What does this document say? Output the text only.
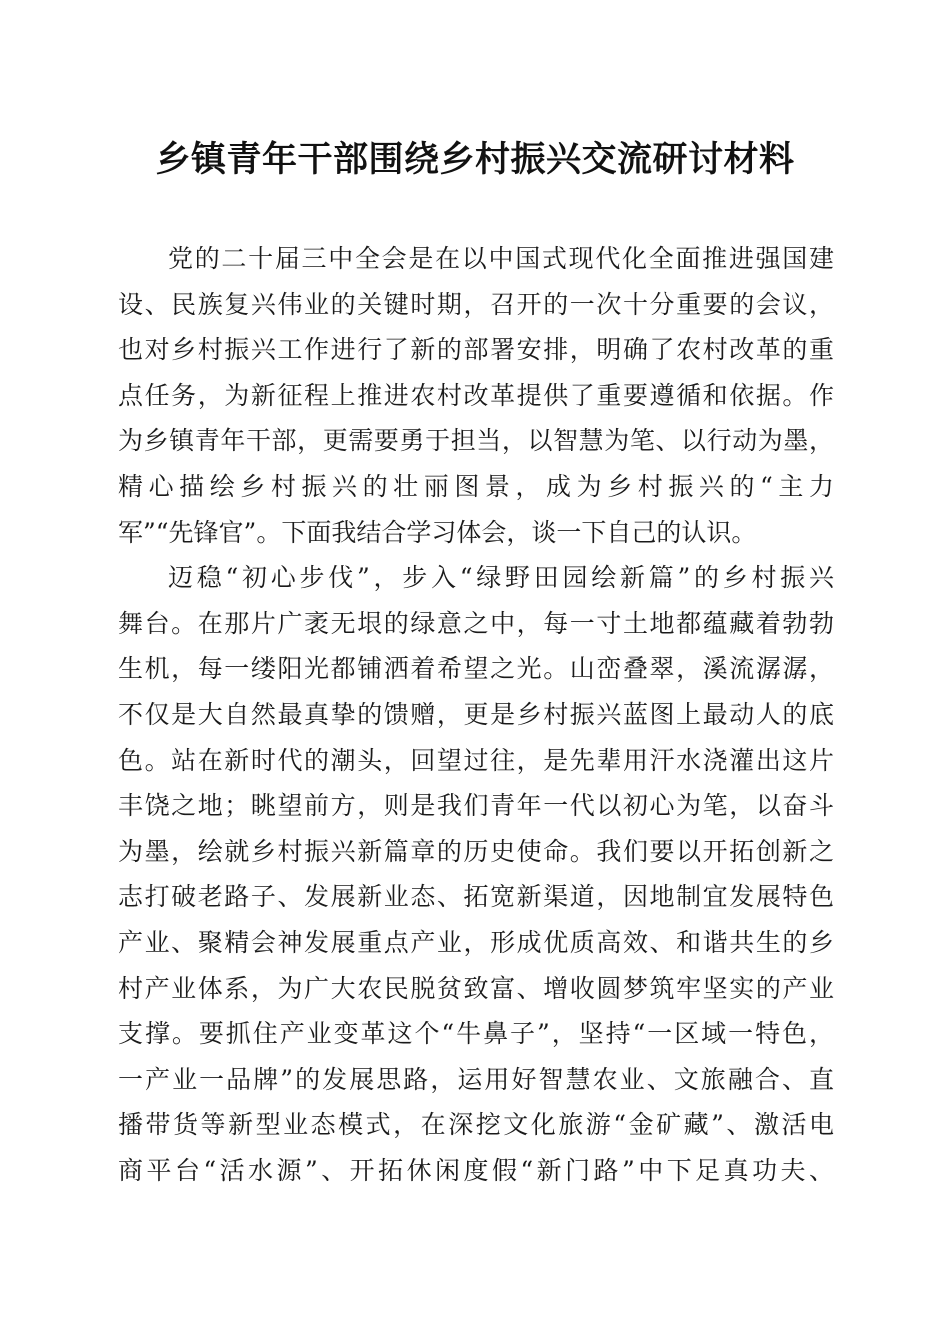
乡镇青年干部围绕乡村振兴交流研讨材料
党的二十届三中全会是在以中国式现代化全面推进强国建
设、民族复兴伟业的关键时期，召开的一次十分重要的会议，
也对乡村振兴工作进行了新的部署安排，明确了农村改革的重
点任务，为新征程上推进农村改革提供了重要遵循和依据。作
为乡镇青年干部，更需要勇于担当，以智慧为笔、以行动为墨，
精心描绘乡村振兴的壮丽图景，成为乡村振兴的“主力
军”“先锋官”。下面我结合学习体会，谈一下自己的认识。
迈稳“初心步伐”，步入“绿野田园绘新篇”的乡村振兴
舞台。在那片广袤无垠的绿意之中，每一寸土地都蕴藏着勃勃
生机，每一缕阳光都铺洒着希望之光。山峦叠翠，溪流潺潺，
不仅是大自然最真挚的馈赠，更是乡村振兴蓝图上最动人的底
色。站在新时代的潮头，回望过往，是先辈用汗水浇灌出这片
丰饶之地；眺望前方，则是我们青年一代以初心为笔，以奋斗
为墨，绘就乡村振兴新篇章的历史使命。我们要以开拓创新之
志打破老路子、发展新业态、拓宽新渠道，因地制宜发展特色
产业、聚精会神发展重点产业，形成优质高效、和谐共生的乡
村产业体系，为广大农民脱贫致富、增收圆梦筑牢坚实的产业
支撑。要抓住产业变革这个“牛鼻子”，坚持“一区域一特色，
一产业一品牌”的发展思路，运用好智慧农业、文旅融合、直
播带货等新型业态模式，在深挖文化旅游“金矿藏”、激活电
商平台“活水源”、开拓休闲度假“新门路”中下足真功夫、
